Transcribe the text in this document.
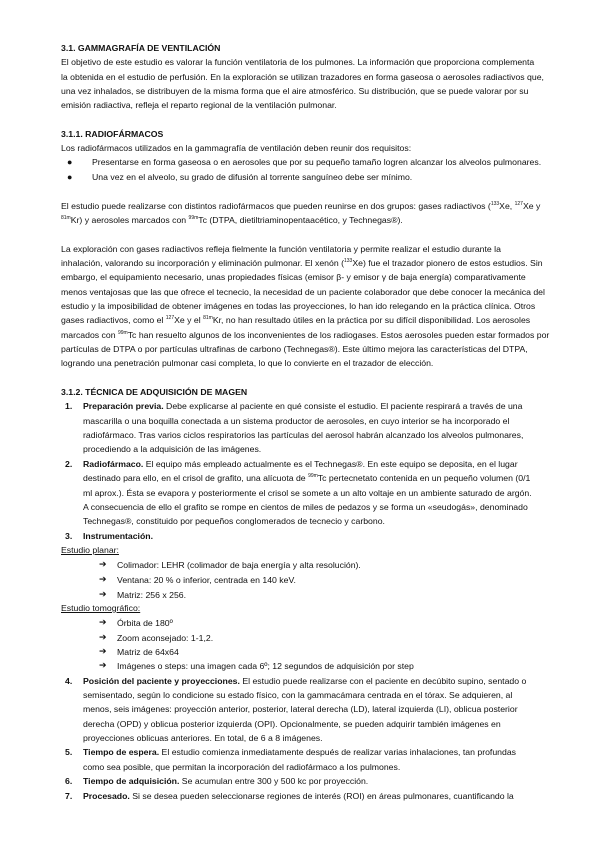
3.1. GAMMAGRAFÍA DE VENTILACIÓN
El objetivo de este estudio es valorar la función ventilatoria de los pulmones. La información que proporciona complementa
la obtenida en el estudio de perfusión. En la exploración se utilizan trazadores en forma gaseosa o aerosoles radiactivos que,
una vez inhalados, se distribuyen de la misma forma que el aire atmosférico. Su distribución, que se puede valorar por su
emisión radiactiva, refleja el reparto regional de la ventilación pulmonar.
3.1.1. RADIOFÁRMACOS
Los radiofármacos utilizados en la gammagrafía de ventilación deben reunir dos requisitos:
● Presentarse en forma gaseosa o en aerosoles que por su pequeño tamaño logren alcanzar los alveolos pulmonares.
● Una vez en el alveolo, su grado de difusión al torrente sanguíneo debe ser mínimo.
El estudio puede realizarse con distintos radiofármacos que pueden reunirse en dos grupos: gases radiactivos ($^{133}$Xe, $^{127}$Xe y
$^{81m}$Kr) y aerosoles marcados con $^{99m}$Tc (DTPA, dietiltriaminopentaacético, y Technegas®).
La exploración con gases radiactivos refleja fielmente la función ventilatoria y permite realizar el estudio durante la
inhalación, valorando su incorporación y eliminación pulmonar. El xenón ($^{133}$Xe) fue el trazador pionero de estos estudios. Sin
embargo, el equipamiento necesario, unas propiedades físicas (emisor β- y emisor γ de baja energía) comparativamente
menos ventajosas que las que ofrece el tecnecio, la necesidad de un paciente colaborador que debe conocer la mecánica del
estudio y la imposibilidad de obtener imágenes en todas las proyecciones, lo han ido relegando en la práctica clínica. Otros
gases radiactivos, como el $^{127}$Xe y el $^{81m}$Kr, no han resultado útiles en la práctica por su difícil disponibilidad. Los aerosoles
marcados con $^{99m}$Tc han resuelto algunos de los inconvenientes de los radiogases. Estos aerosoles pueden estar formados por
partículas de DTPA o por partículas ultrafinas de carbono (Technegas®). Este último mejora las características del DTPA,
logrando una penetración pulmonar casi completa, lo que lo convierte en el trazador de elección.
3.1.2. TÉCNICA DE ADQUISICIÓN DE MAGEN
1. Preparación previa. Debe explicarse al paciente en qué consiste el estudio. El paciente respirará a través de una
mascarilla o una boquilla conectada a un sistema productor de aerosoles, en cuyo interior se ha incorporado el
radiofármaco. Tras varios ciclos respiratorios las partículas del aerosol habrán alcanzado los alveolos pulmonares,
procediendo a la adquisición de las imágenes.
2. Radiofármaco. El equipo más empleado actualmente es el Technegas®. En este equipo se deposita, en el lugar
destinado para ello, en el crisol de grafito, una alícuota de $^{99m}$Tc pertecnetato contenida en un pequeño volumen (0/1
ml aprox.). Ésta se evapora y posteriormente el crisol se somete a un alto voltaje en un ambiente saturado de argón.
A consecuencia de ello el grafito se rompe en cientos de miles de pedazos y se forma un «seudogás», denominado
Technegas®, constituido por pequeños conglomerados de tecnecio y carbono.
3. Instrumentación.
Estudio planar:
➔ Colimador: LEHR (colimador de baja energía y alta resolución).
➔ Ventana: 20 % o inferior, centrada en 140 keV.
➔ Matriz: 256 x 256.
Estudio tomográfico:
➔ Órbita de 180º
➔ Zoom aconsejado: 1-1,2.
➔ Matriz de 64x64
➔ Imágenes o steps: una imagen cada 6º; 12 segundos de adquisición por step
4. Posición del paciente y proyecciones. El estudio puede realizarse con el paciente en decúbito supino, sentado o
semisentado, según lo condicione su estado físico, con la gammacámara centrada en el tórax. Se adquieren, al
menos, seis imágenes: proyección anterior, posterior, lateral derecha (LD), lateral izquierda (LI), oblicua posterior
derecha (OPD) y oblicua posterior izquierda (OPI). Opcionalmente, se pueden adquirir también imágenes en
proyecciones oblicuas anteriores. En total, de 6 a 8 imágenes.
5. Tiempo de espera. El estudio comienza inmediatamente después de realizar varias inhalaciones, tan profundas
como sea posible, que permitan la incorporación del radiofármaco a los pulmones.
6. Tiempo de adquisición. Se acumulan entre 300 y 500 kc por proyección.
7. Procesado. Si se desea pueden seleccionarse regiones de interés (ROI) en áreas pulmonares, cuantificando la
